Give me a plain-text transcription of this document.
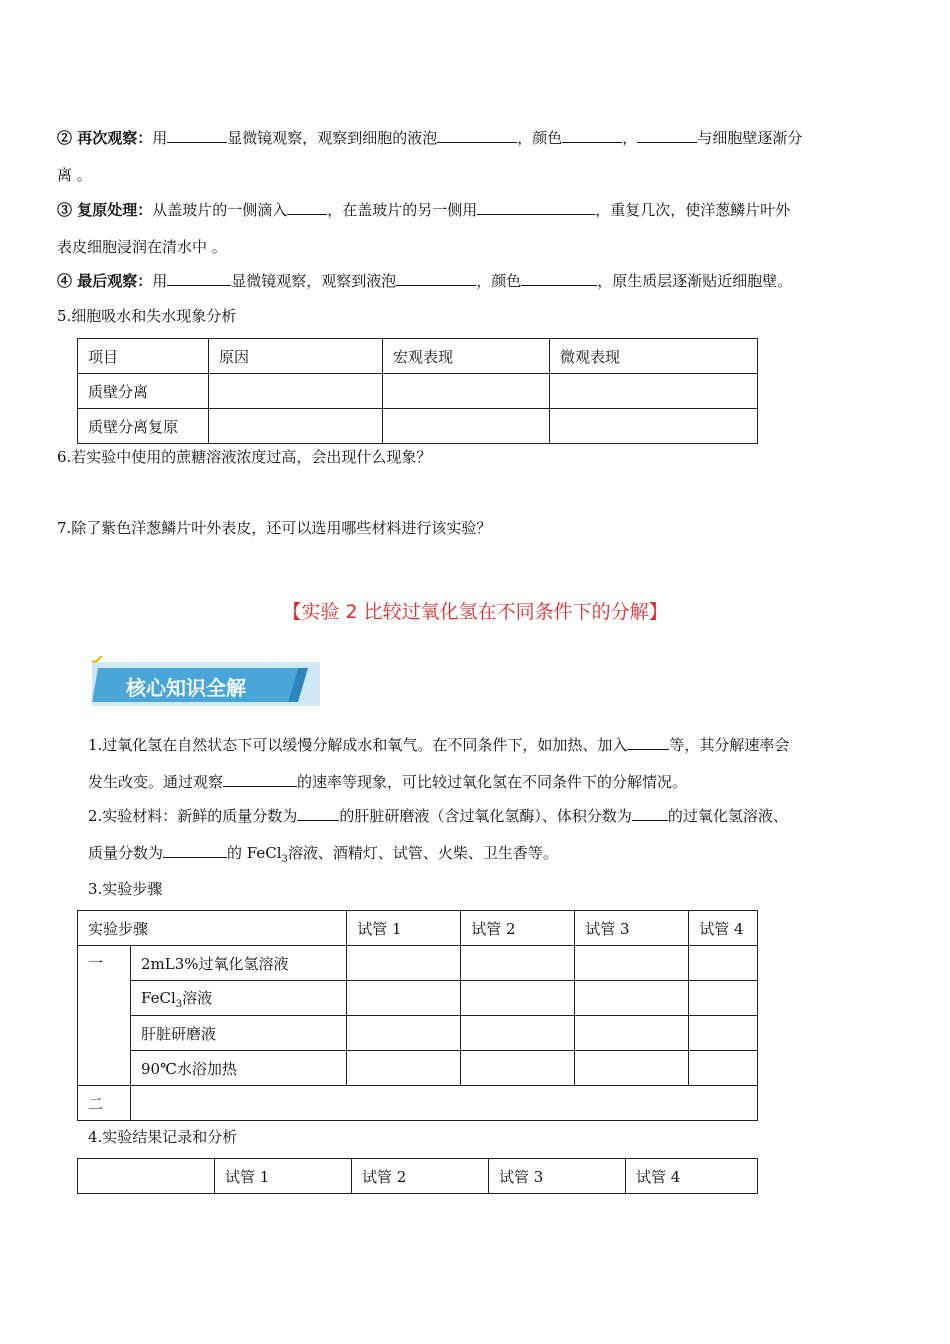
② 再次观察：用	显微镜观察，观察到细胞的液泡	，颜色	，	与细胞壁逐渐分
离 。
③ 复原处理：从盖玻片的一侧滴入	，在盖玻片的另一侧用	，重复几次，使洋葱鳞片叶外
表皮细胞浸润在清水中 。
④ 最后观察：用	显微镜观察，观察到液泡	，颜色	，原生质层逐渐贴近细胞壁。
5.细胞吸水和失水现象分析
项目	原因	宏观表现	微观表现
质壁分离			
质壁分离复原			
6.若实验中使用的蔗糖溶液浓度过高，会出现什么现象？
7.除了紫色洋葱鳞片叶外表皮，还可以选用哪些材料进行该实验？
【实验 2 比较过氧化氢在不同条件下的分解】
核心知识全解
1.过氧化氢在自然状态下可以缓慢分解成水和氧气。在不同条件下，如加热、加入	等，其分解速率会
发生改变。通过观察	的速率等现象，可比较过氧化氢在不同条件下的分解情况。
2.实验材料：新鲜的质量分数为	的肝脏研磨液（含过氧化氢酶）、体积分数为 的过氧化氢溶液、
质量分数为	的 FeCl$_3$溶液、酒精灯、试管、火柴、卫生香等。
3.实验步骤
实验步骤		试管 1	试管 2	试管 3	试管 4
一	2mL3%过氧化氢溶液				
	FeCl$_3$溶液				
	肝脏研磨液				
	90℃水浴加热				
二					
4.实验结果记录和分析
	试管 1	试管 2	试管 3	试管 4
